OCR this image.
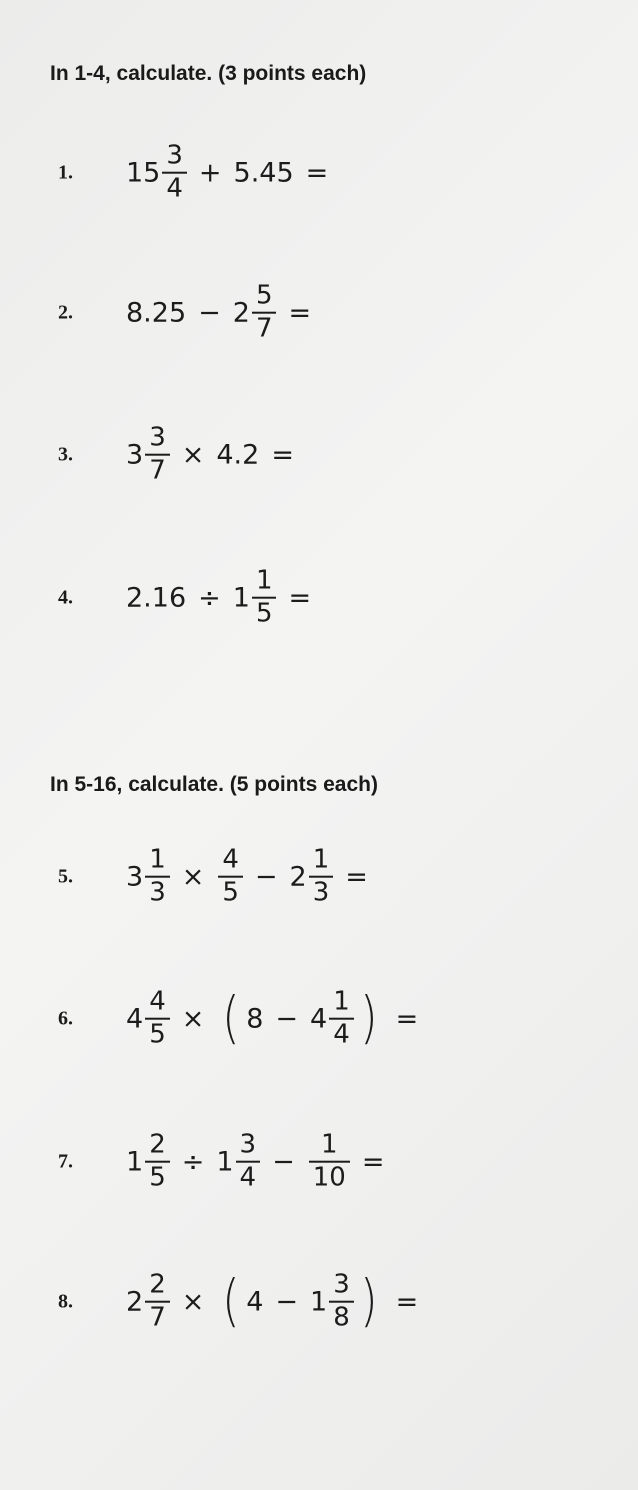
In 1-4, calculate. (3 points each)
1. $15 \frac{3}{4} + 5.45$ =
2. $8.25 - 2 \frac{5}{7}$ =
3. $3 \frac{3}{7} \times 4.2$ =
4. $2.16 \div 1 \frac{1}{5}$ =
In 5-16, calculate. (5 points each)
5. $3 \frac{1}{3} \times \frac{4}{5} - 2 \frac{1}{3}$ =
6. $4 \frac{4}{5}$ × ( $8 - 4 \frac{1}{4}$ ) =
7. $1 \frac{2}{5} \div 1 \frac{3}{4} - \frac{1}{10}$ =
8. $2 \frac{2}{7}$ × ( $4 - 1 \frac{3}{8}$ ) =
